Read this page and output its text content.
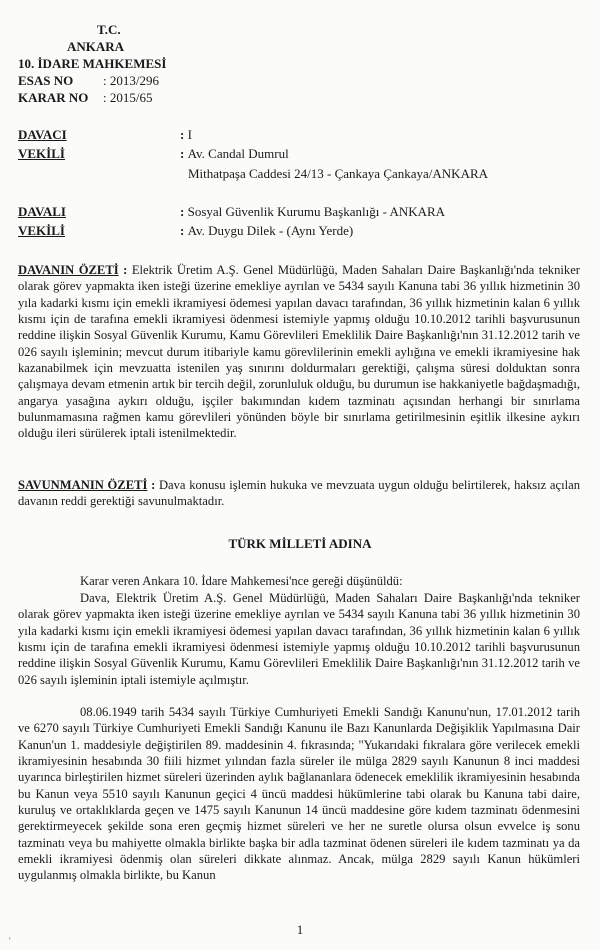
T.C.
ANKARA
10. İDARE MAHKEMESİ
ESAS NO : 2013/296
KARAR NO : 2015/65
DAVACI	: I
VEKİLİ	: Av. Candal Dumrul
Mithatpaşa Caddesi 24/13 - Çankaya Çankaya/ANKARA
DAVALI	: Sosyal Güvenlik Kurumu Başkanlığı - ANKARA
VEKİLİ	: Av. Duygu Dilek - (Aynı Yerde)
DAVANIN ÖZETİ : Elektrik Üretim A.Ş. Genel Müdürlüğü, Maden Sahaları Daire Başkanlığı'nda tekniker olarak görev yapmakta iken isteği üzerine emekliye ayrılan ve 5434 sayılı Kanuna tabi 36 yıllık hizmetinin 30 yıla kadarki kısmı için emekli ikramiyesi ödemesi yapılan davacı tarafından, 36 yıllık hizmetinin kalan 6 yıllık kısmı için de tarafına emekli ikramiyesi ödenmesi istemiyle yapmış olduğu 10.10.2012 tarihli başvurusunun reddine ilişkin Sosyal Güvenlik Kurumu, Kamu Görevlileri Emeklilik Daire Başkanlığı'nın 31.12.2012 tarih ve 026 sayılı işleminin; mevcut durum itibariyle kamu görevlilerinin emekli aylığına ve emekli ikramiyesine hak kazanabilmek için mevzuatta istenilen yaş sınırını doldurmaları gerektiği, çalışma süresi dolduktan sonra çalışmaya devam etmenin artık bir tercih değil, zorunluluk olduğu, bu durumun ise hakkaniyetle bağdaşmadığı, angarya yasağına aykırı olduğu, işçiler bakımından kıdem tazminatı açısından herhangi bir sınırlama bulunmamasına rağmen kamu görevlileri yönünden böyle bir sınırlama getirilmesinin eşitlik ilkesine aykırı olduğu ileri sürülerek iptali istenilmektedir.
SAVUNMANIN ÖZETİ : Dava konusu işlemin hukuka ve mevzuata uygun olduğu belirtilerek, haksız açılan davanın reddi gerektiği savunulmaktadır.
TÜRK MİLLETİ ADINA
Karar veren Ankara 10. İdare Mahkemesi'nce gereği düşünüldü:
Dava, Elektrik Üretim A.Ş. Genel Müdürlüğü, Maden Sahaları Daire Başkanlığı'nda tekniker olarak görev yapmakta iken isteği üzerine emekliye ayrılan ve 5434 sayılı Kanuna tabi 36 yıllık hizmetinin 30 yıla kadarki kısmı için emekli ikramiyesi ödemesi yapılan davacı tarafından, 36 yıllık hizmetinin kalan 6 yıllık kısmı için de tarafına emekli ikramiyesi ödenmesi istemiyle yapmış olduğu 10.10.2012 tarihli başvurusunun reddine ilişkin Sosyal Güvenlik Kurumu, Kamu Görevlileri Emeklilik Daire Başkanlığı'nın 31.12.2012 tarih ve 026 sayılı işleminin iptali istemiyle açılmıştır.
08.06.1949 tarih 5434 sayılı Türkiye Cumhuriyeti Emekli Sandığı Kanunu'nun, 17.01.2012 tarih ve 6270 sayılı Türkiye Cumhuriyeti Emekli Sandığı Kanunu ile Bazı Kanunlarda Değişiklik Yapılmasına Dair Kanun'un 1. maddesiyle değiştirilen 89. maddesinin 4. fıkrasında; "Yukarıdaki fıkralara göre verilecek emekli ikramiyesinin hesabında 30 fiili hizmet yılından fazla süreler ile mülga 2829 sayılı Kanunun 8 inci maddesi uyarınca birleştirilen hizmet süreleri üzerinden aylık bağlananlara ödenecek emeklilik ikramiyesinin hesabında bu Kanun veya 5510 sayılı Kanunun geçici 4 üncü maddesi hükümlerine tabi olarak bu Kanuna tabi daire, kuruluş ve ortaklıklarda geçen ve 1475 sayılı Kanunun 14 üncü maddesine göre kıdem tazminatı ödenmesini gerektirmeyecek şekilde sona eren geçmiş hizmet süreleri ve her ne suretle olursa olsun evvelce iş sonu tazminatı veya bu mahiyette olmakla birlikte başka bir adla tazminat ödenen süreleri ile kıdem tazminatı ya da emekli ikramiyesi ödenmiş olan süreleri dikkate alınmaz. Ancak, mülga 2829 sayılı Kanun hükümleri uygulanmış olmakla birlikte, bu Kanun
1
'
